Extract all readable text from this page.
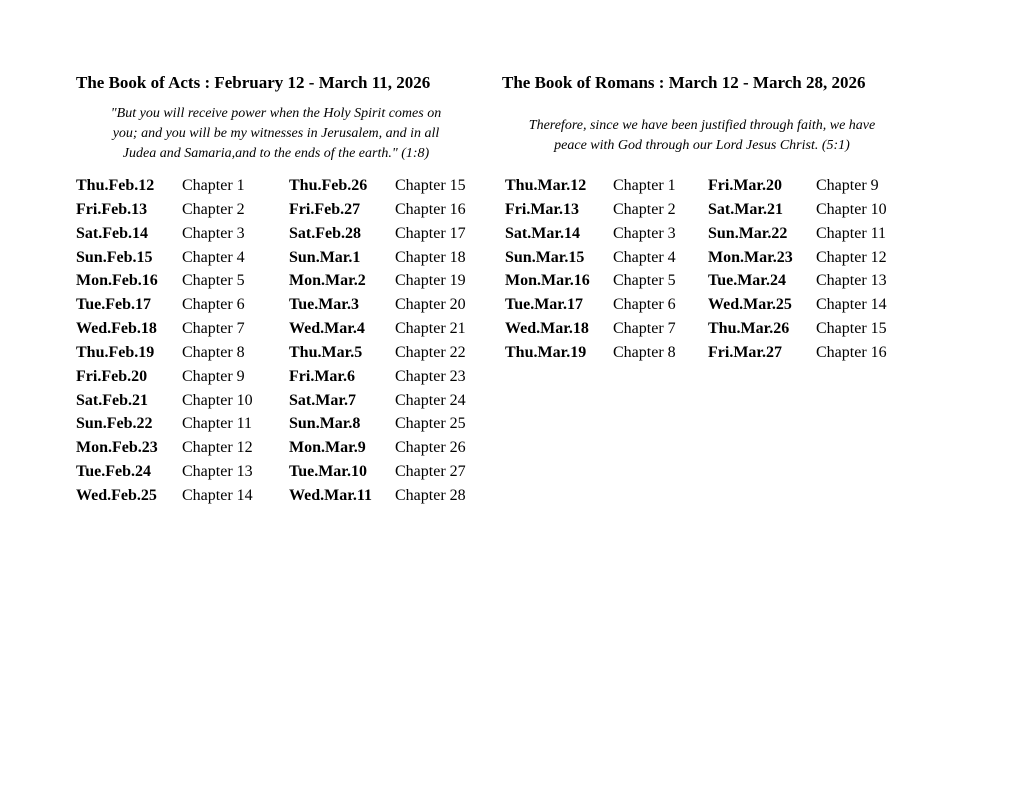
The Book of Acts : February 12 - March 11, 2026
"But you will receive power when the Holy Spirit comes on
you; and you will be my witnesses in Jerusalem, and in all
Judea and Samaria,and to the ends of the earth." (1:8)
Thu.Feb.12 Chapter 1
Fri.Feb.13 Chapter 2
Sat.Feb.14 Chapter 3
Sun.Feb.15 Chapter 4
Mon.Feb.16 Chapter 5
Tue.Feb.17 Chapter 6
Wed.Feb.18 Chapter 7
Thu.Feb.19 Chapter 8
Fri.Feb.20 Chapter 9
Sat.Feb.21 Chapter 10
Sun.Feb.22 Chapter 11
Mon.Feb.23 Chapter 12
Tue.Feb.24 Chapter 13
Wed.Feb.25 Chapter 14
Thu.Feb.26 Chapter 15
Fri.Feb.27 Chapter 16
Sat.Feb.28 Chapter 17
Sun.Mar.1 Chapter 18
Mon.Mar.2 Chapter 19
Tue.Mar.3 Chapter 20
Wed.Mar.4 Chapter 21
Thu.Mar.5 Chapter 22
Fri.Mar.6 Chapter 23
Sat.Mar.7 Chapter 24
Sun.Mar.8 Chapter 25
Mon.Mar.9 Chapter 26
Tue.Mar.10 Chapter 27
Wed.Mar.11 Chapter 28
The Book of Romans : March 12 - March 28, 2026
Therefore, since we have been justified through faith, we have
peace with God through our Lord Jesus Christ. (5:1)
Thu.Mar.12 Chapter 1
Fri.Mar.13 Chapter 2
Sat.Mar.14 Chapter 3
Sun.Mar.15 Chapter 4
Mon.Mar.16 Chapter 5
Tue.Mar.17 Chapter 6
Wed.Mar.18 Chapter 7
Thu.Mar.19 Chapter 8
Fri.Mar.20 Chapter 9
Sat.Mar.21 Chapter 10
Sun.Mar.22 Chapter 11
Mon.Mar.23 Chapter 12
Tue.Mar.24 Chapter 13
Wed.Mar.25 Chapter 14
Thu.Mar.26 Chapter 15
Fri.Mar.27 Chapter 16
